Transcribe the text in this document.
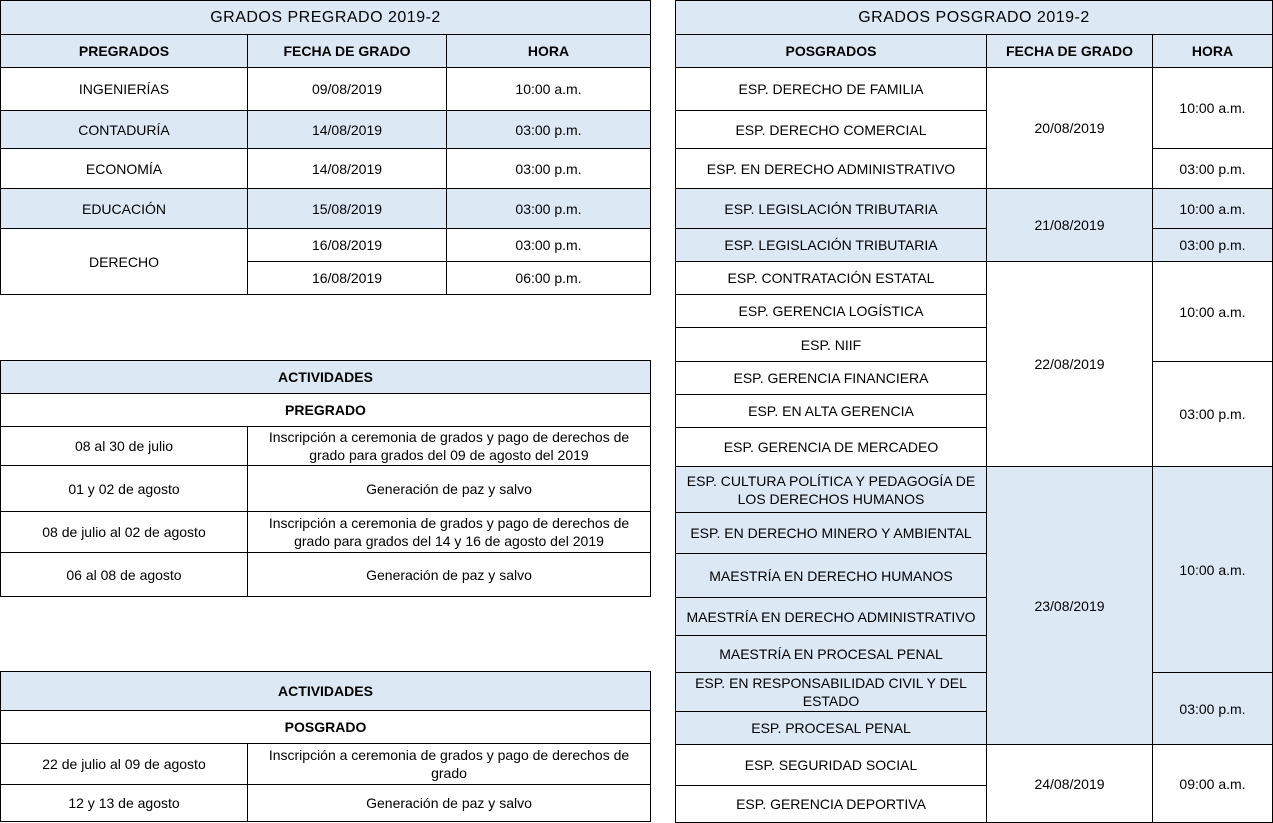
GRADOS PREGRADO 2019-2		
PREGRADOS	FECHA DE GRADO	HORA
INGENIERÍAS	09/08/2019	10:00 a.m.
CONTADURÍA	14/08/2019	03:00 p.m.
ECONOMÍA	14/08/2019	03:00 p.m.
EDUCACIÓN	15/08/2019	03:00 p.m.
DERECHO	16/08/2019	03:00 p.m.
	16/08/2019	06:00 p.m.
ACTIVIDADES	
PREGRADO	
08 al 30 de julio	Inscripción a ceremonia de grados y pago de derechos de grado para grados del 09 de agosto del 2019
01 y 02 de agosto	Generación de paz y salvo
08 de julio al 02 de agosto	Inscripción a ceremonia de grados y pago de derechos de grado para grados del 14 y 16 de agosto del 2019
06 al 08 de agosto	Generación de paz y salvo
ACTIVIDADES	
POSGRADO	
22 de julio al 09 de agosto	Inscripción a ceremonia de grados y pago de derechos de grado
12 y 13 de agosto	Generación de paz y salvo
GRADOS POSGRADO 2019-2		
POSGRADOS	FECHA DE GRADO	HORA
ESP. DERECHO DE FAMILIA	20/08/2019	10:00 a.m.
ESP. DERECHO COMERCIAL		
ESP. EN DERECHO ADMINISTRATIVO		03:00 p.m.
ESP. LEGISLACIÓN TRIBUTARIA	21/08/2019	10:00 a.m.
ESP. LEGISLACIÓN TRIBUTARIA		03:00 p.m.
ESP. CONTRATACIÓN ESTATAL	22/08/2019	10:00 a.m.
ESP. GERENCIA LOGÍSTICA		
ESP. NIIF		
ESP. GERENCIA FINANCIERA		03:00 p.m.
ESP. EN ALTA GERENCIA		
ESP. GERENCIA DE MERCADEO		
ESP. CULTURA POLÍTICA Y PEDAGOGÍA DE LOS DERECHOS HUMANOS	23/08/2019	10:00 a.m.
ESP. EN DERECHO MINERO Y AMBIENTAL		
MAESTRÍA EN DERECHO HUMANOS		
MAESTRÍA EN DERECHO ADMINISTRATIVO		
MAESTRÍA EN PROCESAL PENAL		
ESP. EN RESPONSABILIDAD CIVIL Y DEL ESTADO		03:00 p.m.
ESP. PROCESAL PENAL		
ESP. SEGURIDAD SOCIAL	24/08/2019	09:00 a.m.
ESP. GERENCIA DEPORTIVA		
